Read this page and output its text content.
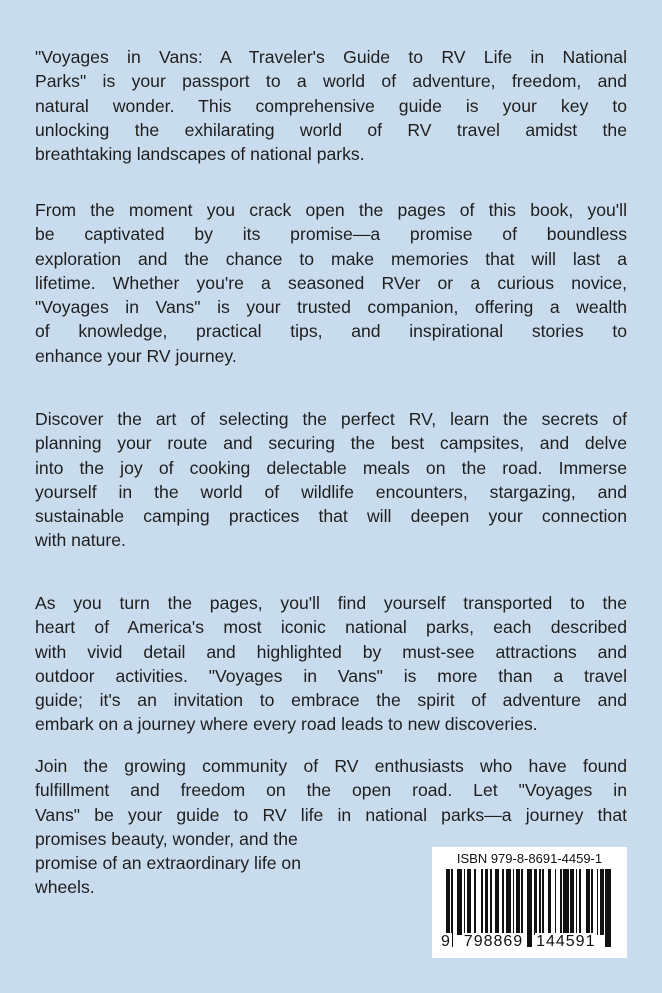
"Voyages in Vans: A Traveler's Guide to RV Life in National
Parks" is your passport to a world of adventure, freedom, and
natural wonder. This comprehensive guide is your key to
unlocking the exhilarating world of RV travel amidst the
breathtaking landscapes of national parks.
From the moment you crack open the pages of this book, you'll
be captivated by its promise—a promise of boundless
exploration and the chance to make memories that will last a
lifetime. Whether you're a seasoned RVer or a curious novice,
"Voyages in Vans" is your trusted companion, offering a wealth
of knowledge, practical tips, and inspirational stories to
enhance your RV journey.
Discover the art of selecting the perfect RV, learn the secrets of
planning your route and securing the best campsites, and delve
into the joy of cooking delectable meals on the road. Immerse
yourself in the world of wildlife encounters, stargazing, and
sustainable camping practices that will deepen your connection
with nature.
As you turn the pages, you'll find yourself transported to the
heart of America's most iconic national parks, each described
with vivid detail and highlighted by must-see attractions and
outdoor activities. "Voyages in Vans" is more than a travel
guide; it's an invitation to embrace the spirit of adventure and
embark on a journey where every road leads to new discoveries.
Join the growing community of RV enthusiasts who have found
fulfillment and freedom on the open road. Let "Voyages in
Vans" be your guide to RV life in national parks—a journey that
promises beauty, wonder, and the
promise of an extraordinary life on
wheels.
ISBN 979-8-8691-4459-1
9 798869 144591
